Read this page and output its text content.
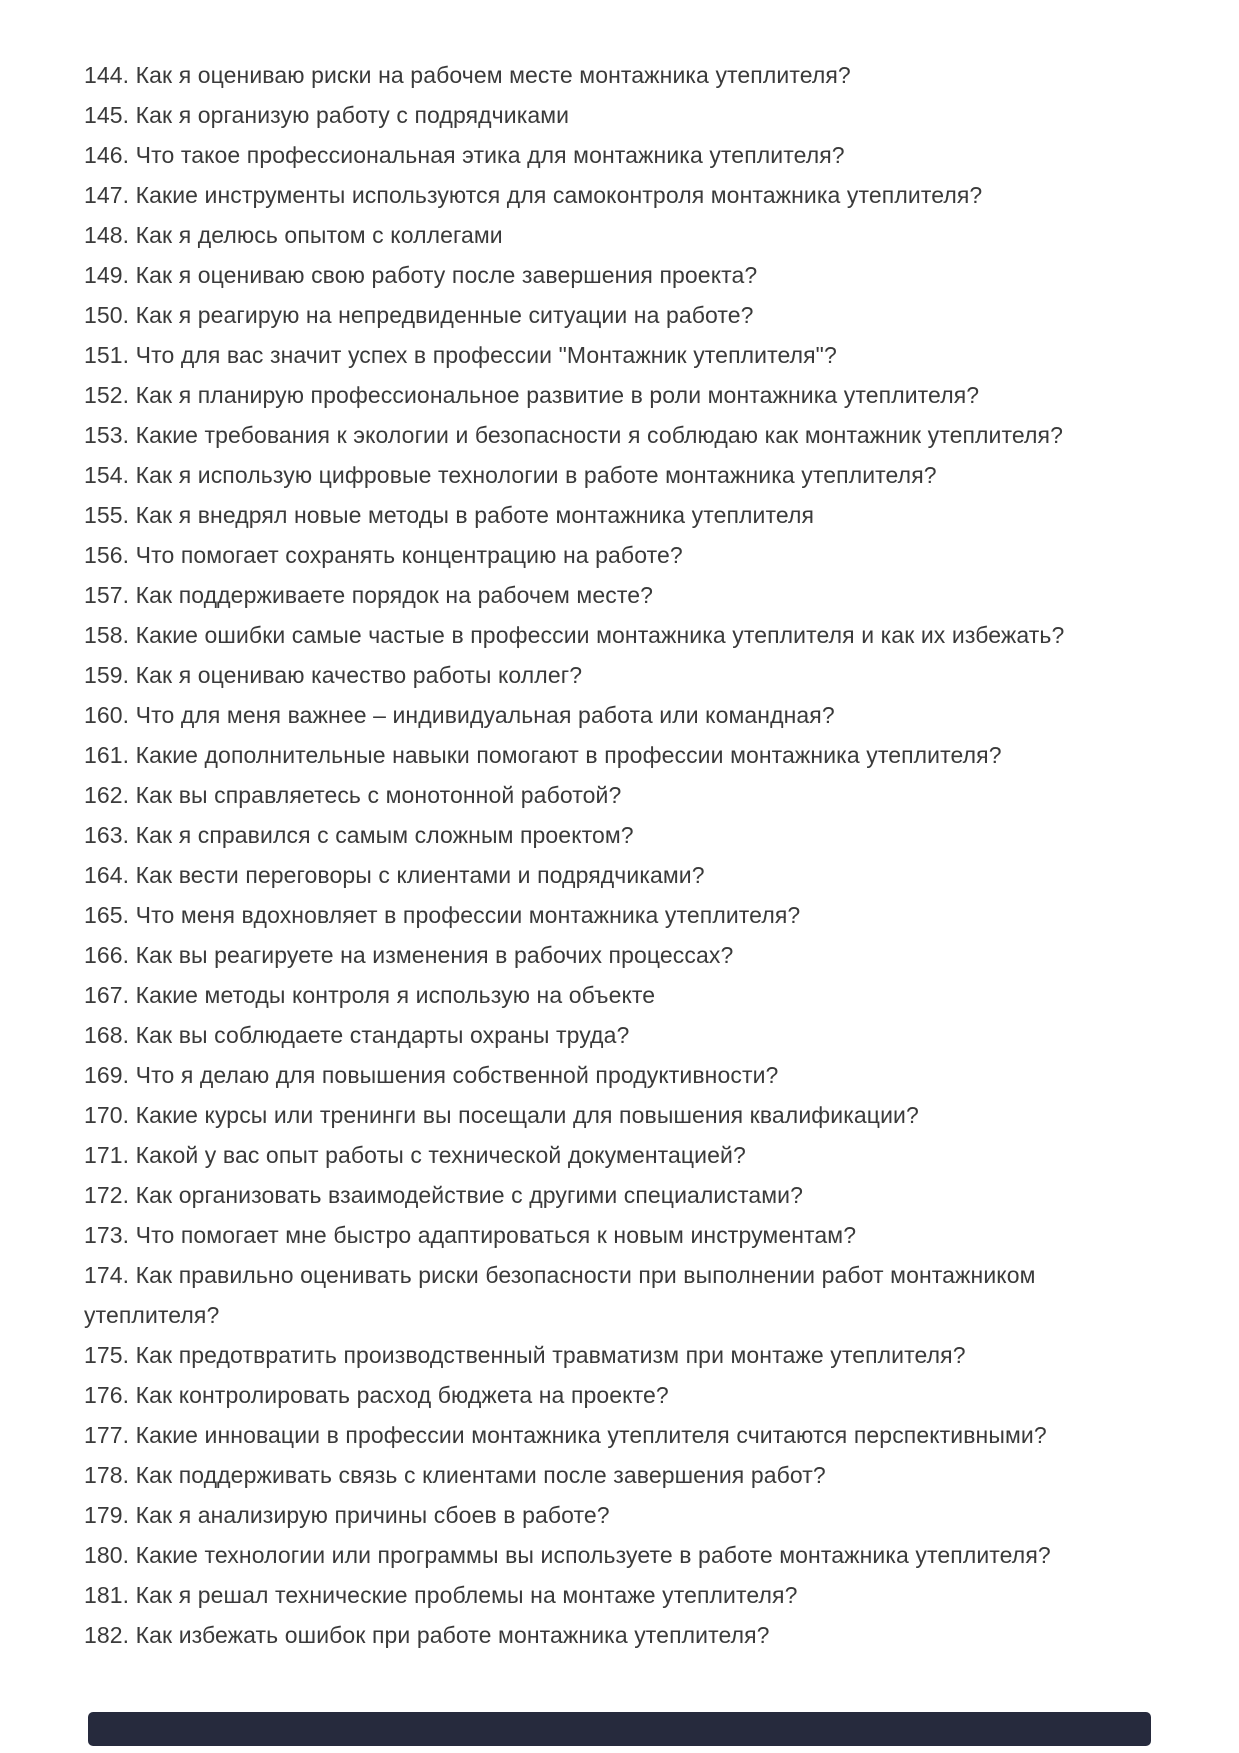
144. Как я оцениваю риски на рабочем месте монтажника утеплителя?

145. Как я организую работу с подрядчиками

146. Что такое профессиональная этика для монтажника утеплителя?

147. Какие инструменты используются для самоконтроля монтажника утеплителя?

148. Как я делюсь опытом с коллегами

149. Как я оцениваю свою работу после завершения проекта?

150. Как я реагирую на непредвиденные ситуации на работе?

151. Что для вас значит успех в профессии "Монтажник утеплителя"?

152. Как я планирую профессиональное развитие в роли монтажника утеплителя?

153. Какие требования к экологии и безопасности я соблюдаю как монтажник утеплителя?

154. Как я использую цифровые технологии в работе монтажника утеплителя?

155. Как я внедрял новые методы в работе монтажника утеплителя

156. Что помогает сохранять концентрацию на работе?

157. Как поддерживаете порядок на рабочем месте?

158. Какие ошибки самые частые в профессии монтажника утеплителя и как их избежать?

159. Как я оцениваю качество работы коллег?

160. Что для меня важнее – индивидуальная работа или командная?

161. Какие дополнительные навыки помогают в профессии монтажника утеплителя?

162. Как вы справляетесь с монотонной работой?

163. Как я справился с самым сложным проектом?

164. Как вести переговоры с клиентами и подрядчиками?

165. Что меня вдохновляет в профессии монтажника утеплителя?

166. Как вы реагируете на изменения в рабочих процессах?

167. Какие методы контроля я использую на объекте

168. Как вы соблюдаете стандарты охраны труда?

169. Что я делаю для повышения собственной продуктивности?

170. Какие курсы или тренинги вы посещали для повышения квалификации?

171. Какой у вас опыт работы с технической документацией?

172. Как организовать взаимодействие с другими специалистами?

173. Что помогает мне быстро адаптироваться к новым инструментам?

174. Как правильно оценивать риски безопасности при выполнении работ монтажником утеплителя?

175. Как предотвратить производственный травматизм при монтаже утеплителя?

176. Как контролировать расход бюджета на проекте?

177. Какие инновации в профессии монтажника утеплителя считаются перспективными?

178. Как поддерживать связь с клиентами после завершения работ?

179. Как я анализирую причины сбоев в работе?

180. Какие технологии или программы вы используете в работе монтажника утеплителя?

181. Как я решал технические проблемы на монтаже утеплителя?

182. Как избежать ошибок при работе монтажника утеплителя?
